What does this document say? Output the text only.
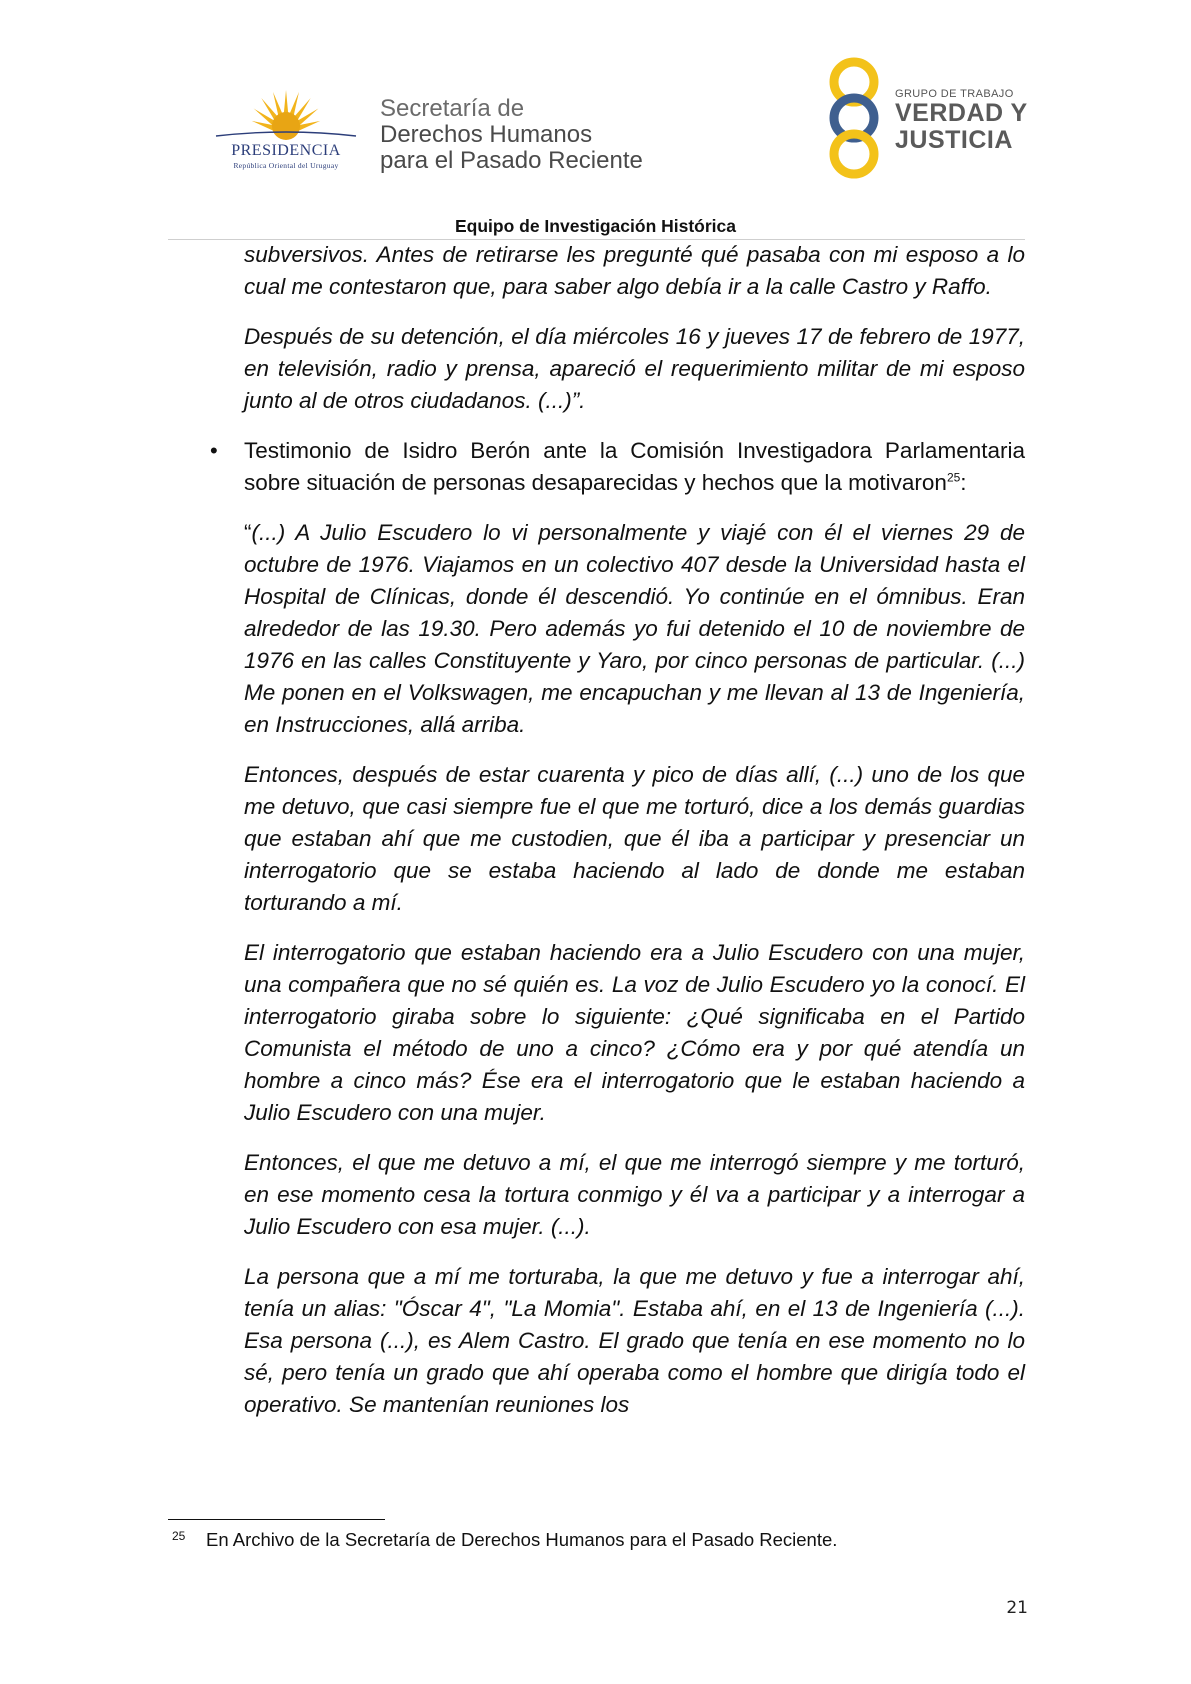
PRESIDENCIA
República Oriental del Uruguay
Secretaría de
Derechos Humanos
para el Pasado Reciente
GRUPO DE TRABAJO
VERDAD Y
JUSTICIA
Equipo de Investigación Histórica

subversivos. Antes de retirarse les pregunté qué pasaba con mi esposo a lo cual me contestaron que, para saber algo debía ir a la calle Castro y Raffo.

Después de su detención, el día miércoles 16 y jueves 17 de febrero de 1977, en televisión, radio y prensa, apareció el requerimiento militar de mi esposo junto al de otros ciudadanos. (...)”.

• Testimonio de Isidro Berón ante la Comisión Investigadora Parlamentaria sobre situación de personas desaparecidas y hechos que la motivaron$^{25}$:

“(...) A Julio Escudero lo vi personalmente y viajé con él el viernes 29 de octubre de 1976. Viajamos en un colectivo 407 desde la Universidad hasta el Hospital de Clínicas, donde él descendió. Yo continúe en el ómnibus. Eran alrededor de las 19.30. Pero además yo fui detenido el 10 de noviembre de 1976 en las calles Constituyente y Yaro, por cinco personas de particular. (...) Me ponen en el Volkswagen, me encapuchan y me llevan al 13 de Ingeniería, en Instrucciones, allá arriba.

Entonces, después de estar cuarenta y pico de días allí, (...) uno de los que me detuvo, que casi siempre fue el que me torturó, dice a los demás guardias que estaban ahí que me custodien, que él iba a participar y presenciar un interrogatorio que se estaba haciendo al lado de donde me estaban torturando a mí.

El interrogatorio que estaban haciendo era a Julio Escudero con una mujer, una compañera que no sé quién es. La voz de Julio Escudero yo la conocí. El interrogatorio giraba sobre lo siguiente: ¿Qué significaba en el Partido Comunista el método de uno a cinco? ¿Cómo era y por qué atendía un hombre a cinco más? Ése era el interrogatorio que le estaban haciendo a Julio Escudero con una mujer.

Entonces, el que me detuvo a mí, el que me interrogó siempre y me torturó, en ese momento cesa la tortura conmigo y él va a participar y a interrogar a Julio Escudero con esa mujer. (...).

La persona que a mí me torturaba, la que me detuvo y fue a interrogar ahí, tenía un alias: "Óscar 4", "La Momia". Estaba ahí, en el 13 de Ingeniería (...). Esa persona (...), es Alem Castro. El grado que tenía en ese momento no lo sé, pero tenía un grado que ahí operaba como el hombre que dirigía todo el operativo. Se mantenían reuniones los

25 En Archivo de la Secretaría de Derechos Humanos para el Pasado Reciente.
21
